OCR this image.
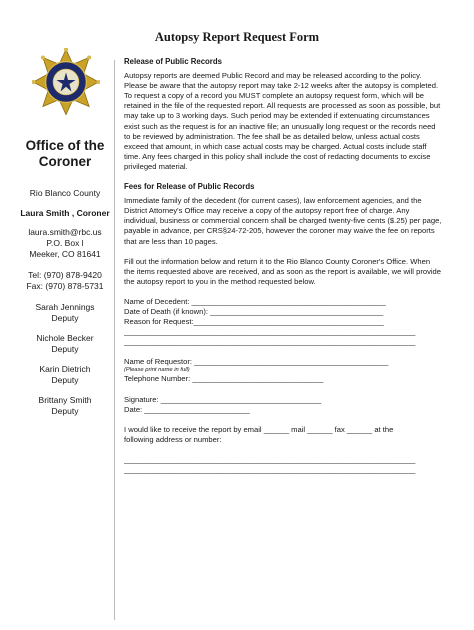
Autopsy Report Request Form
Office of the
Coroner
Rio Blanco County
Laura Smith , Coroner
laura.smith@rbc.us
P.O. Box l
Meeker, CO 81641
Tel: (970) 878-9420
Fax: (970) 878-5731
Sarah Jennings
Deputy
Nichole Becker
Deputy
Karin Dietrich
Deputy
Brittany Smith
Deputy
Release of Public Records

Autopsy reports are deemed Public Record and may be released according to the policy. Please be aware that the autopsy report may take 2-12 weeks after the autopsy is completed. To request a copy of a record you MUST complete an autopsy request form, which will be retained in the file of the requested report. All requests are processed as soon as possible, but may take up to 3 working days. Such period may be extended if extenuating circumstances exist such as the request is for an inactive file; an unusually long request or the records need to be reviewed by administration. The fee shall be as detailed below, unless actual costs exceed that amount, in which case actual costs may be charged. Actual costs include staff time. Any fees charged in this policy shall include the cost of redacting documents to excise privileged material.

Fees for Release of Public Records

Immediate family of the decedent (for current cases), law enforcement agencies, and the District Attorney's Office may receive a copy of the autopsy report free of charge. Any individual, business or commercial concern shall be charged twenty-five cents ($.25) per page, payable in advance, per CRS§24-72-205, however the coroner may waive the fee on reports that are less than 10 pages.

Fill out the information below and return it to the Rio Blanco County Coroner's Office. When the items requested above are received, and as soon as the report is available, we will provide the autopsy report to you in the method requested below.

Name of Decedent: ______________________________________________
Date of Death (if known): _________________________________________
Reason for Request:_____________________________________________
_____________________________________________________________________
_____________________________________________________________________
Name of Requestor: ______________________________________________
(Please print name in full)
Telephone Number: _______________________________
Signature: ______________________________________
Date: _________________________
I would like to receive the report by email ______ mail ______ fax ______ at the
following address or number:
_____________________________________________________________________
_____________________________________________________________________
